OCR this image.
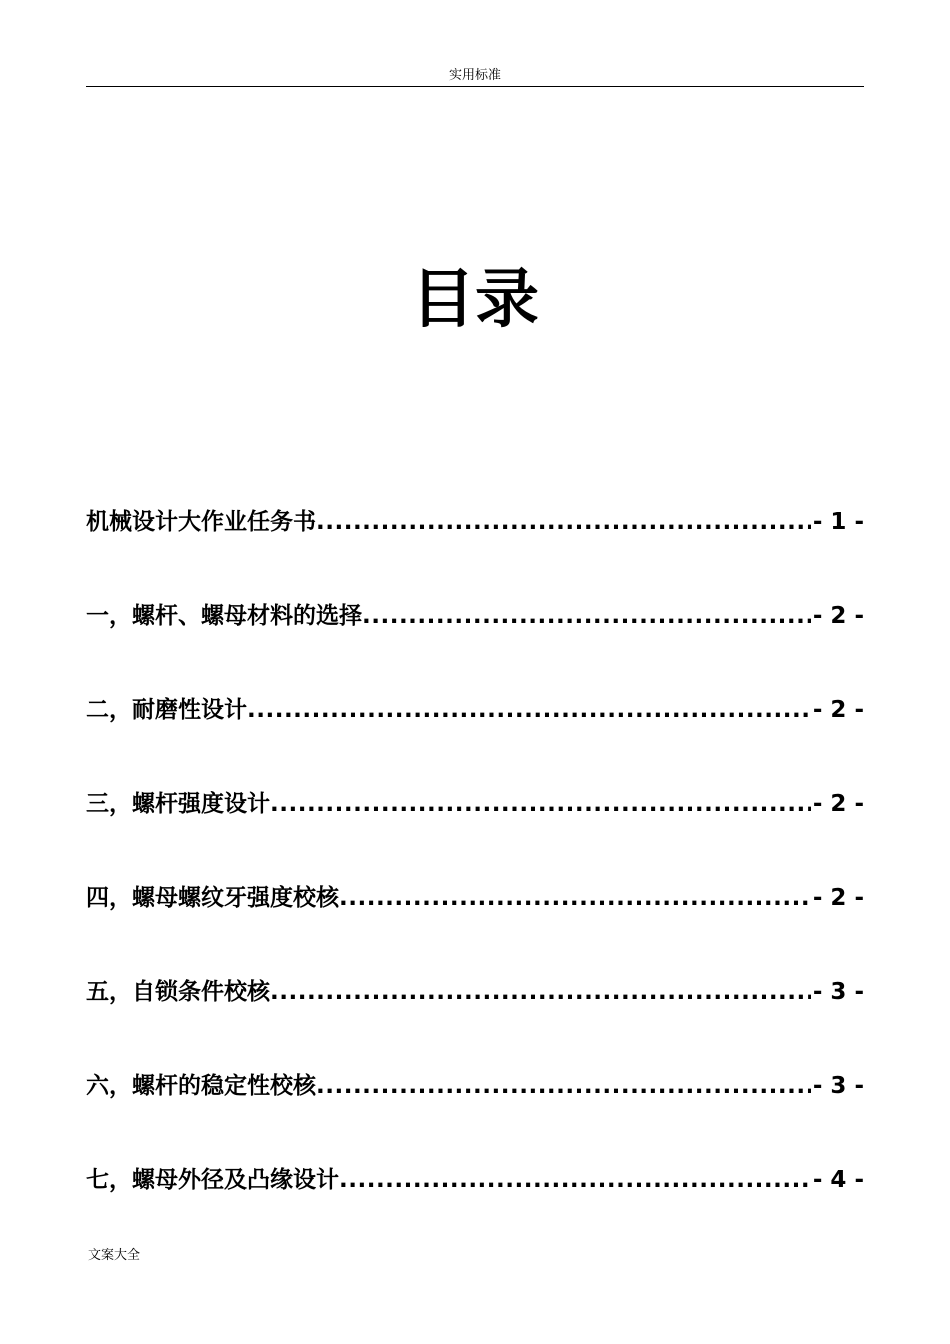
实用标准
目录
机械设计大作业任务书 .....	- 1 -
一，螺杆、螺母材料的选择 .....	- 2 -
二，耐磨性设计 .....	- 2 -
三，螺杆强度设计 .....	- 2 -
四，螺母螺纹牙强度校核 .....	- 2 -
五，自锁条件校核 .....	- 3 -
六，螺杆的稳定性校核 .....	- 3 -
七，螺母外径及凸缘设计 .....	- 4 -
文案大全
